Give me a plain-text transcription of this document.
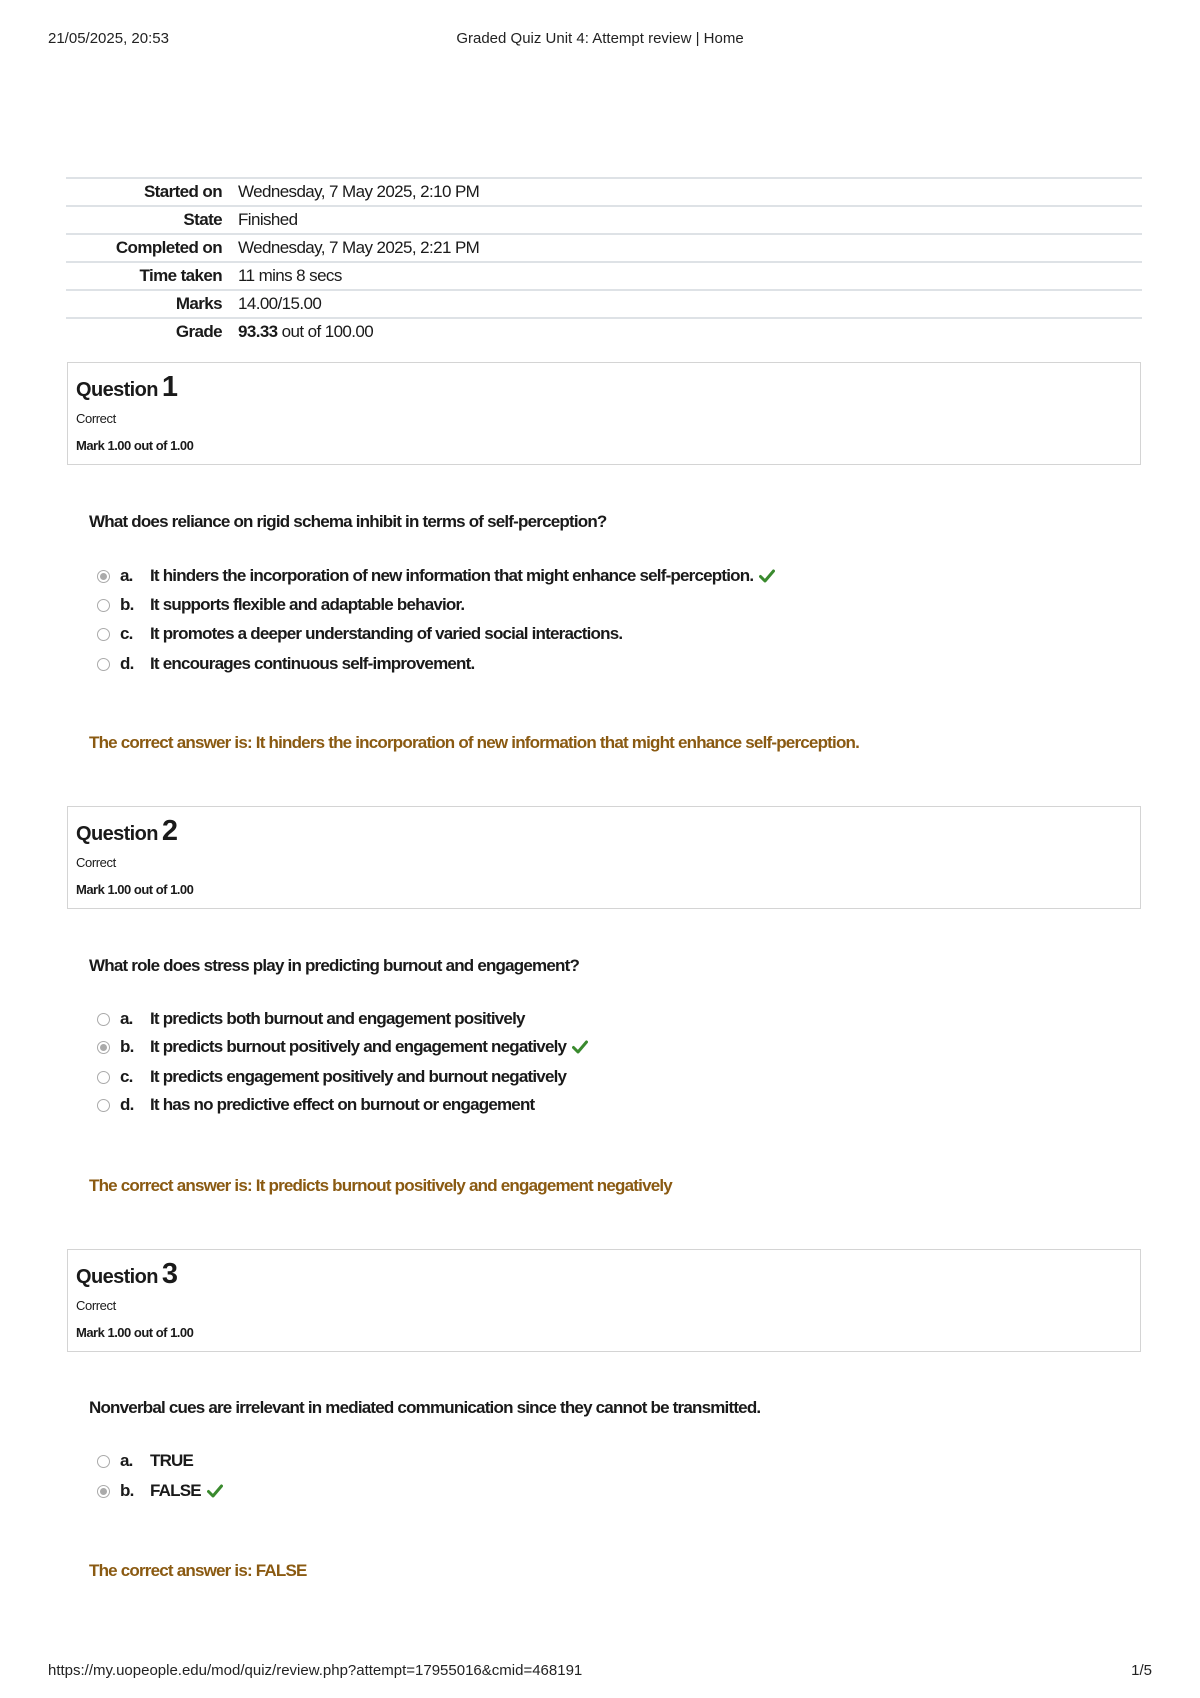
21/05/2025, 20:53	Graded Quiz Unit 4: Attempt review | Home
Started on	Wednesday, 7 May 2025, 2:10 PM
State	Finished
Completed on	Wednesday, 7 May 2025, 2:21 PM
Time taken	11 mins 8 secs
Marks	14.00/15.00
Grade	93.33 out of 100.00
Question 1
Correct
Mark 1.00 out of 1.00
What does reliance on rigid schema inhibit in terms of self-perception?
a. It hinders the incorporation of new information that might enhance self-perception.
b. It supports flexible and adaptable behavior.
c. It promotes a deeper understanding of varied social interactions.
d. It encourages continuous self-improvement.
The correct answer is: It hinders the incorporation of new information that might enhance self-perception.
Question 2
Correct
Mark 1.00 out of 1.00
What role does stress play in predicting burnout and engagement?
a. It predicts both burnout and engagement positively
b. It predicts burnout positively and engagement negatively
c. It predicts engagement positively and burnout negatively
d. It has no predictive effect on burnout or engagement
The correct answer is: It predicts burnout positively and engagement negatively
Question 3
Correct
Mark 1.00 out of 1.00
Nonverbal cues are irrelevant in mediated communication since they cannot be transmitted.
a. TRUE
b. FALSE
The correct answer is: FALSE
https://my.uopeople.edu/mod/quiz/review.php?attempt=17955016&cmid=468191	1/5
